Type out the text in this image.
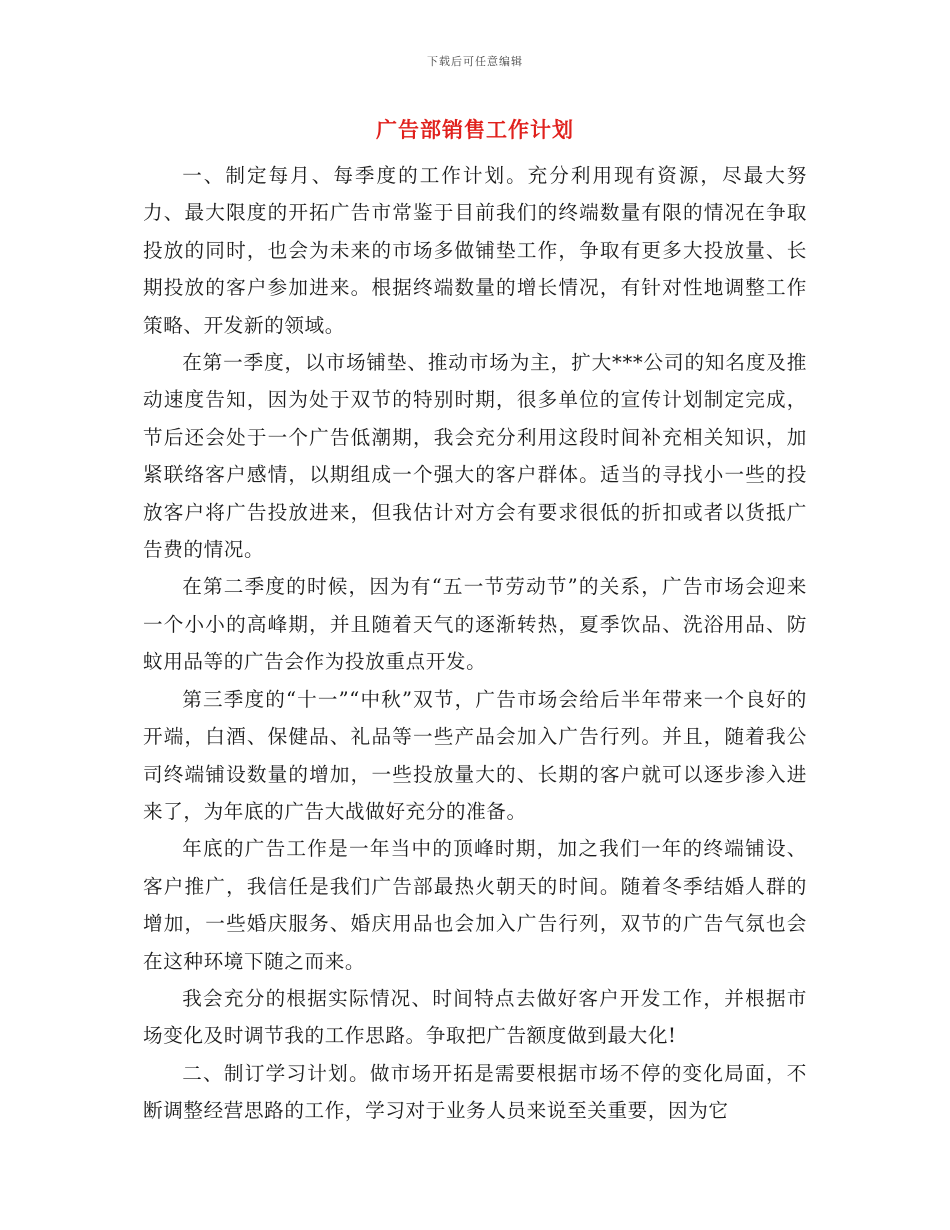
下载后可任意编辑
广告部销售工作计划

一、制定每月、每季度的工作计划。充分利用现有资源，尽最大努力、最大限度的开拓广告市常鉴于目前我们的终端数量有限的情况在争取投放的同时，也会为未来的市场多做铺垫工作，争取有更多大投放量、长期投放的客户参加进来。根据终端数量的增长情况，有针对性地调整工作策略、开发新的领域。

在第一季度，以市场铺垫、推动市场为主，扩大***公司的知名度及推动速度告知，因为处于双节的特别时期，很多单位的宣传计划制定完成，节后还会处于一个广告低潮期，我会充分利用这段时间补充相关知识，加紧联络客户感情，以期组成一个强大的客户群体。适当的寻找小一些的投放客户将广告投放进来，但我估计对方会有要求很低的折扣或者以货抵广告费的情况。

在第二季度的时候，因为有“五一节劳动节”的关系，广告市场会迎来一个小小的高峰期，并且随着天气的逐渐转热，夏季饮品、洗浴用品、防蚊用品等的广告会作为投放重点开发。

第三季度的“十一”“中秋”双节，广告市场会给后半年带来一个良好的开端，白酒、保健品、礼品等一些产品会加入广告行列。并且，随着我公司终端铺设数量的增加，一些投放量大的、长期的客户就可以逐步渗入进来了，为年底的广告大战做好充分的准备。

年底的广告工作是一年当中的顶峰时期，加之我们一年的终端铺设、客户推广，我信任是我们广告部最热火朝天的时间。随着冬季结婚人群的增加，一些婚庆服务、婚庆用品也会加入广告行列，双节的广告气氛也会在这种环境下随之而来。

我会充分的根据实际情况、时间特点去做好客户开发工作，并根据市场变化及时调节我的工作思路。争取把广告额度做到最大化!

二、制订学习计划。做市场开拓是需要根据市场不停的变化局面，不断调整经营思路的工作，学习对于业务人员来说至关重要，因为它
